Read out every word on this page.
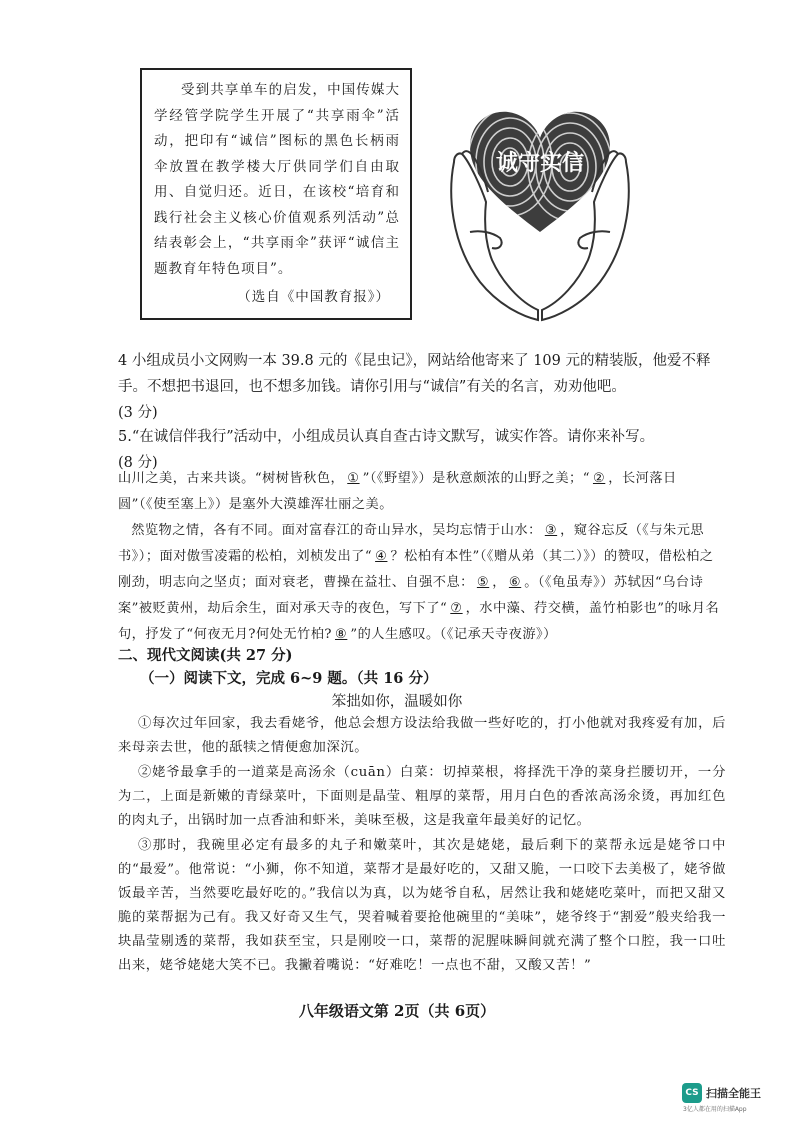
受到共享单车的启发，中国传媒大学经管学院学生开展了“共享雨伞”活动，把印有“诚信”图标的黑色长柄雨伞放置在教学楼大厅供同学们自由取用、自觉归还。近日，在该校“培育和践行社会主义核心价值观系列活动”总结表彰会上，“共享雨伞”获评“诚信主题教育年特色项目”。

（选自《中国教育报》）
诚守实信

4 小组成员小文网购一本 39.8 元的《昆虫记》，网站给他寄来了 109 元的精装版，他爱不释手。不想把书退回，也不想多加钱。请你引用与“诚信”有关的名言，劝劝他吧。

(3 分)

5.“在诚信伴我行”活动中，小组成员认真自查古诗文默写，诚实作答。请你来补写。

(8 分)

山川之美，古来共谈。“树树皆秋色， ① ”（《野望》）是秋意颇浓的山野之美；“ ② ，长河落日圆”（《使至塞上》）是塞外大漠雄浑壮丽之美。

然览物之情，各有不同。面对富春江的奇山异水，吴均忘情于山水： ③ ，窥谷忘反（《与朱元思书》）；面对傲雪凌霜的松柏，刘桢发出了“ ④ ？松柏有本性”（《赠从弟（其二）》）的赞叹，借松柏之刚劲，明志向之坚贞；面对衰老，曹操在益壮、自强不息： ⑤ ， ⑥ 。（《龟虽寿》）苏轼因“乌台诗案”被贬黄州，劫后余生，面对承天寺的夜色，写下了“ ⑦ ，水中藻、荇交横，盖竹柏影也”的咏月名句，抒发了“何夜无月?何处无竹柏? ⑧ ”的人生感叹。（《记承天寺夜游》）

二、现代文阅读(共 27 分)
（一）阅读下文，完成 6~9 题。（共 16 分）
笨拙如你，温暖如你

①每次过年回家，我去看姥爷，他总会想方设法给我做一些好吃的，打小他就对我疼爱有加，后来母亲去世，他的舐犊之情便愈加深沉。

②姥爷最拿手的一道菜是高汤氽（cuān）白菜：切掉菜根，将择洗干净的菜身拦腰切开，一分为二，上面是新嫩的青绿菜叶，下面则是晶莹、粗厚的菜帮，用月白色的香浓高汤氽烫，再加红色的肉丸子，出锅时加一点香油和虾米，美味至极，这是我童年最美好的记忆。

③那时，我碗里必定有最多的丸子和嫩菜叶，其次是姥姥，最后剩下的菜帮永远是姥爷口中的“最爱”。他常说：“小狮，你不知道，菜帮才是最好吃的，又甜又脆，一口咬下去美极了，姥爷做饭最辛苦，当然要吃最好吃的。”我信以为真，以为姥爷自私，居然让我和姥姥吃菜叶，而把又甜又脆的菜帮据为己有。我又好奇又生气，哭着喊着要抢他碗里的“美味”，姥爷终于“割爱”般夹给我一块晶莹剔透的菜帮，我如获至宝，只是刚咬一口，菜帮的泥腥味瞬间就充满了整个口腔，我一口吐出来，姥爷姥姥大笑不已。我撇着嘴说：“好难吃！一点也不甜，又酸又苦！”

八年级语文第 2页（共 6页）
CS 扫描全能王
3亿人都在用的扫描App
